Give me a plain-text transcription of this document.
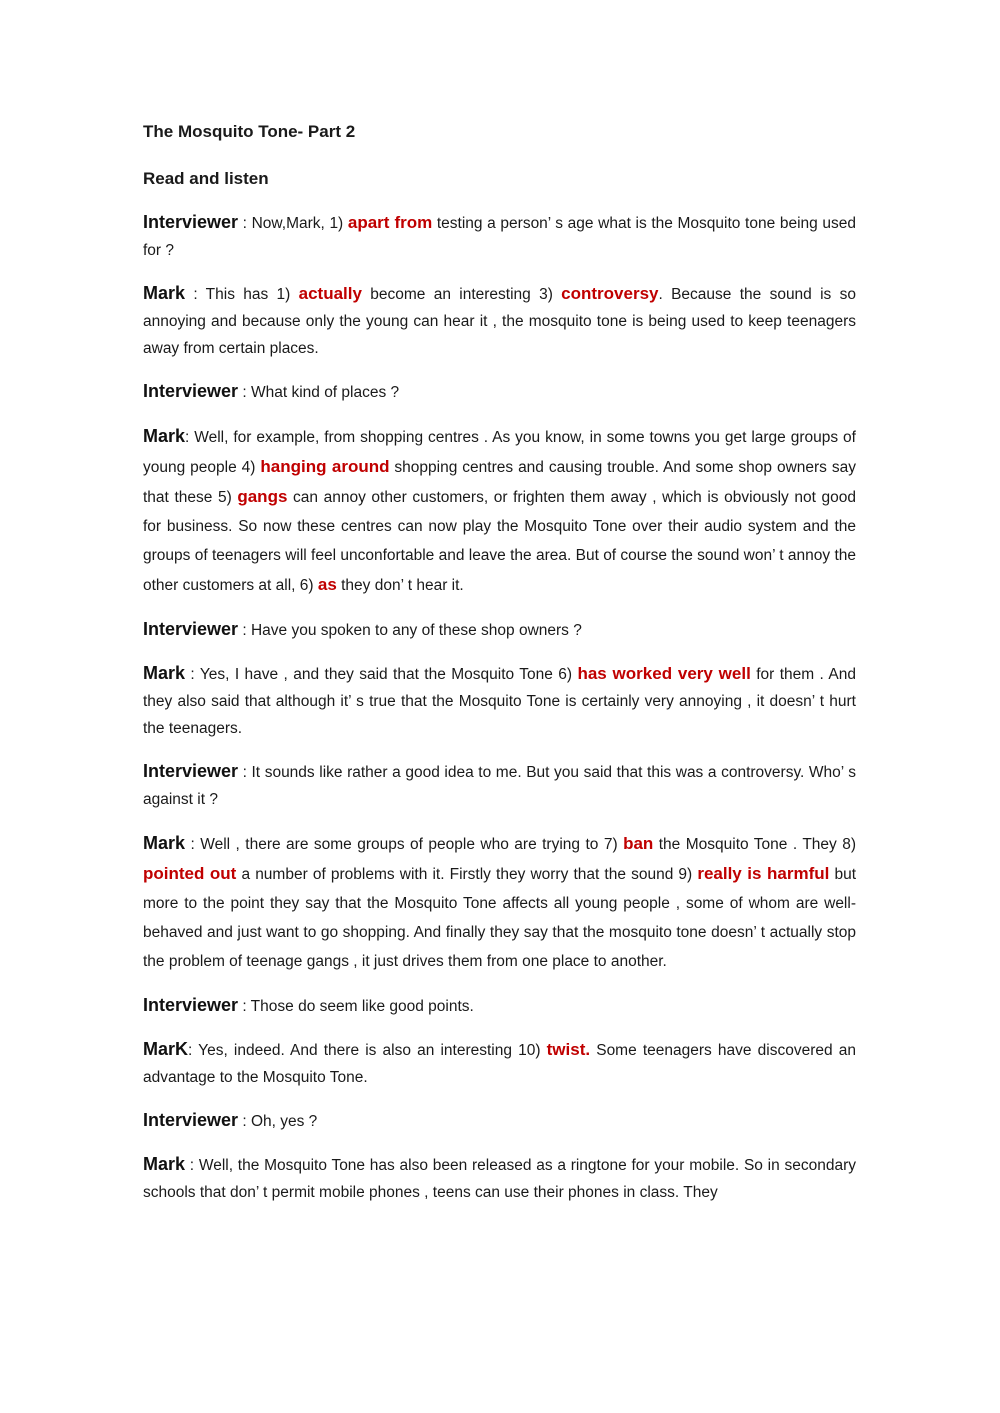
The Mosquito Tone- Part 2
Read and listen

Interviewer : Now,Mark, 1) apart from testing a person’ s age what is the Mosquito tone being used for ?

Mark : This has 1) actually become an interesting 3) controversy. Because the sound is so annoying and because only the young can hear it , the mosquito tone is being used to keep teenagers away from certain places.

Interviewer : What kind of places ?

Mark: Well, for example, from shopping centres . As you know, in some towns you get large groups of young people 4) hanging around shopping centres and causing trouble. And some shop owners say that these 5) gangs can annoy other customers, or frighten them away , which is obviously not good for business. So now these centres can now play the Mosquito Tone over their audio system and the groups of teenagers will feel unconfortable and leave the area. But of course the sound won’ t annoy the other customers at all, 6) as they don’ t hear it.

Interviewer : Have you spoken to any of these shop owners ?

Mark : Yes, I have , and they said that the Mosquito Tone 6) has worked very well for them . And they also said that although it’ s true that the Mosquito Tone is certainly very annoying , it doesn’ t hurt the teenagers.

Interviewer : It sounds like rather a good idea to me. But you said that this was a controversy. Who’ s against it ?

Mark : Well , there are some groups of people who are trying to 7) ban the Mosquito Tone . They 8) pointed out a number of problems with it. Firstly they worry that the sound 9) really is harmful but more to the point they say that the Mosquito Tone affects all young people , some of whom are well-behaved and just want to go shopping. And finally they say that the mosquito tone doesn’ t actually stop the problem of teenage gangs , it just drives them from one place to another.

Interviewer : Those do seem like good points.

MarK: Yes, indeed. And there is also an interesting 10) twist. Some teenagers have discovered an advantage to the Mosquito Tone.

Interviewer : Oh, yes ?

Mark : Well, the Mosquito Tone has also been released as a ringtone for your mobile. So in secondary schools that don’ t permit mobile phones , teens can use their phones in class. They
